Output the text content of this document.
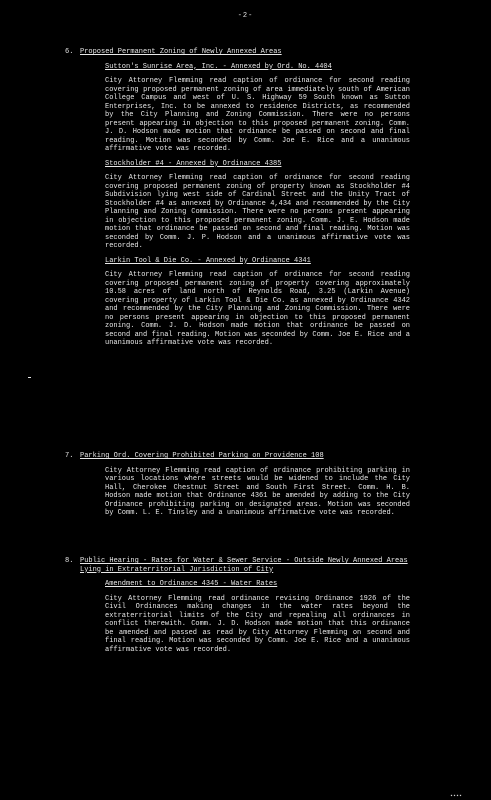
-2-
6. Proposed Permanent Zoning of Newly Annexed Areas
Sutton's Sunrise Area, Inc. - Annexed by Ord. No. 4404
City Attorney Flemming read caption of ordinance for second reading covering proposed permanent zoning of area immediately south of American College Campus and west of U. S. Highway 59 South known as Sutton Enterprises, Inc. to be annexed to residence Districts, as recommended by the City Planning and Zoning Commission. There were no persons present appearing in objection to this proposed permanent zoning. Comm. J. D. Hodson made motion that ordinance be passed on second and final reading. Motion was seconded by Comm. Joe E. Rice and a unanimous affirmative vote was recorded.
Stockholder #4 - Annexed by Ordinance 4385
City Attorney Flemming read caption of ordinance for second reading covering proposed permanent zoning of property known as Stockholder #4 Subdivision lying west side of Cardinal Street and the Unity Tract of Stockholder #4 as annexed by Ordinance 4,434 and recommended by the City Planning and Zoning Commission. There were no persons present appearing in objection to this proposed permanent zoning. Comm. J. E. Hodson made motion that ordinance be passed on second and final reading. Motion was seconded by Comm. J. P. Hodson and a unanimous affirmative vote was recorded.
Larkin Tool & Die Co. - Annexed by Ordinance 4341
City Attorney Flemming read caption of ordinance for second reading covering proposed permanent zoning of property covering approximately 10.58 acres of land north of Reynolds Road, 3.25 (Larkin Avenue) covering property of Larkin Tool & Die Co. as annexed by Ordinance 4342 and recommended by the City Planning and Zoning Commission. There were no persons present appearing in objection to this proposed permanent zoning. Comm. J. D. Hodson made motion that ordinance be passed on second and final reading. Motion was seconded by Comm. Joe E. Rice and a unanimous affirmative vote was recorded.
7. Parking Ord. Covering Prohibited Parking on Providence 108
City Attorney Flemming read caption of ordinance prohibiting parking in various locations where streets would be widened to include the City Hall, Cherokee Chestnut Street and South First Street. Comm. H. B. Hodson made motion that Ordinance 4361 be amended by adding to the City Ordinance prohibiting parking on designated areas. Motion was seconded by Comm. L. E. Tinsley and a unanimous affirmative vote was recorded.
8. Public Hearing - Rates for Water & Sewer Service - Outside Newly Annexed Areas Lying in Extraterritorial Jurisdiction of City
Amendment to Ordinance 4345 - Water Rates
City Attorney Flemming read ordinance revising Ordinance 1926 of the Civil Ordinances making changes in the water rates beyond the extraterritorial limits of the City and repealing all ordinances in conflict therewith. Comm. J. D. Hodson made motion that this ordinance be amended and passed as read by City Attorney Flemming on second and final reading. Motion was seconded by Comm. Joe E. Rice and a unanimous affirmative vote was recorded.
▪▪▪▪
